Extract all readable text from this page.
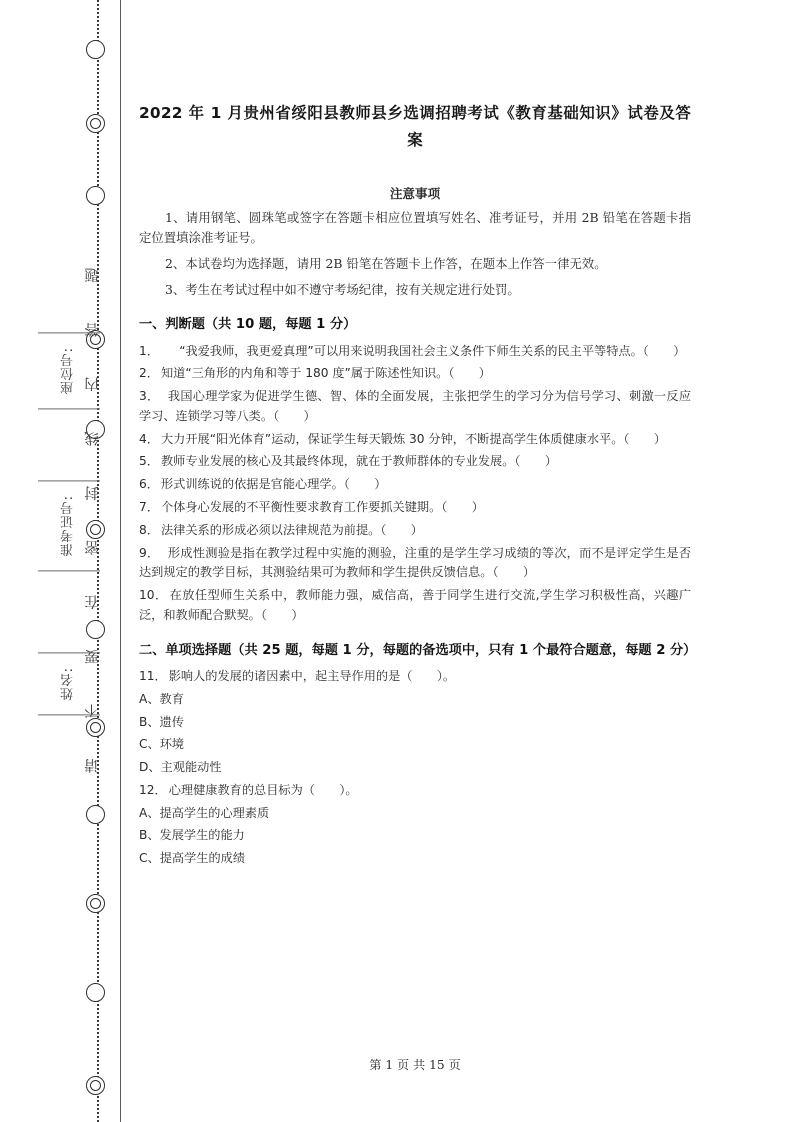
请不要在密封线内答题
座位号:
准考证号:
姓名:
2022 年 1 月贵州省绥阳县教师县乡选调招聘考试《教育基础知识》试卷及答案
注意事项

1、请用钢笔、圆珠笔或签字在答题卡相应位置填写姓名、准考证号，并用 2B 铅笔在答题卡指定位置填涂准考证号。

2、本试卷均为选择题，请用 2B 铅笔在答题卡上作答，在题本上作答一律无效。

3、考生在考试过程中如不遵守考场纪律，按有关规定进行处罚。

一、判断题（共 10 题，每题 1 分）

1．　　“我爱我师，我更爱真理”可以用来说明我国社会主义条件下师生关系的民主平等特点。（　　）

2． 知道“三角形的内角和等于 180 度”属于陈述性知识。（　　）

3．　我国心理学家为促进学生德、智、体的全面发展，主张把学生的学习分为信号学习、刺激一反应学习、连锁学习等八类。（　　）

4． 大力开展“阳光体育”运动，保证学生每天锻炼 30 分钟，不断提高学生体质健康水平。（　　）

5． 教师专业发展的核心及其最终体现，就在于教师群体的专业发展。（　　）

6． 形式训练说的依据是官能心理学。（　　）

7． 个体身心发展的不平衡性要求教育工作要抓关键期。（　　）

8． 法律关系的形成必须以法律规范为前提。（　　）

9．　形成性测验是指在教学过程中实施的测验，注重的是学生学习成绩的等次，而不是评定学生是否达到规定的教学目标，其测验结果可为教师和学生提供反馈信息。（　　）

10． 在放任型师生关系中，教师能力强，威信高，善于同学生进行交流,学生学习积极性高，兴趣广泛，和教师配合默契。（　　）

二、单项选择题（共 25 题，每题 1 分，每题的备选项中，只有 1 个最符合题意，每题 2 分）

11． 影响人的发展的诸因素中，起主导作用的是（　　）。

A、教育

B、遗传

C、环境

D、主观能动性

12． 心理健康教育的总目标为（　　）。

A、提高学生的心理素质

B、发展学生的能力

C、提高学生的成绩

第 1 页 共 15 页
